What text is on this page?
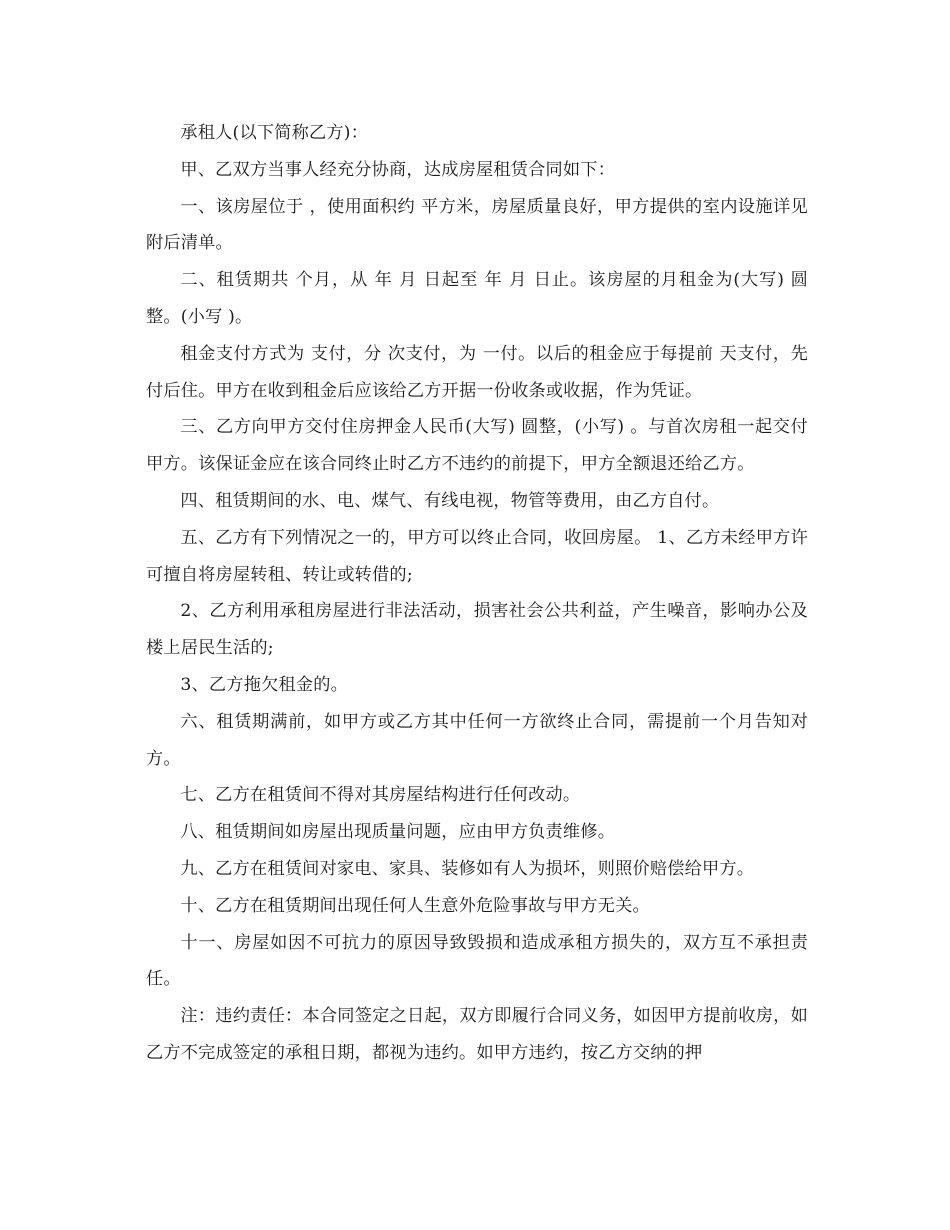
承租人(以下简称乙方)：

甲、乙双方当事人经充分协商，达成房屋租赁合同如下：

一、该房屋位于 ，使用面积约 平方米，房屋质量良好，甲方提供的室内设施详见附后清单。

二、租赁期共 个月，从 年 月 日起至 年 月 日止。该房屋的月租金为(大写) 圆整。(小写 )。

租金支付方式为 支付，分 次支付，为 一付。以后的租金应于每提前 天支付，先付后住。甲方在收到租金后应该给乙方开据一份收条或收据，作为凭证。

三、乙方向甲方交付住房押金人民币(大写) 圆整，(小写) 。与首次房租一起交付甲方。该保证金应在该合同终止时乙方不违约的前提下，甲方全额退还给乙方。

四、租赁期间的水、电、煤气、有线电视，物管等费用，由乙方自付。

五、乙方有下列情况之一的，甲方可以终止合同，收回房屋。 1、乙方未经甲方许可擅自将房屋转租、转让或转借的;

2、乙方利用承租房屋进行非法活动，损害社会公共利益，产生噪音，影响办公及楼上居民生活的;

3、乙方拖欠租金的。

六、租赁期满前，如甲方或乙方其中任何一方欲终止合同，需提前一个月告知对方。

七、乙方在租赁间不得对其房屋结构进行任何改动。

八、租赁期间如房屋出现质量问题，应由甲方负责维修。

九、乙方在租赁间对家电、家具、装修如有人为损坏，则照价赔偿给甲方。

十、乙方在租赁期间出现任何人生意外危险事故与甲方无关。

十一、房屋如因不可抗力的原因导致毁损和造成承租方损失的，双方互不承担责任。

注：违约责任：本合同签定之日起，双方即履行合同义务，如因甲方提前收房，如乙方不完成签定的承租日期，都视为违约。如甲方违约，按乙方交纳的押
